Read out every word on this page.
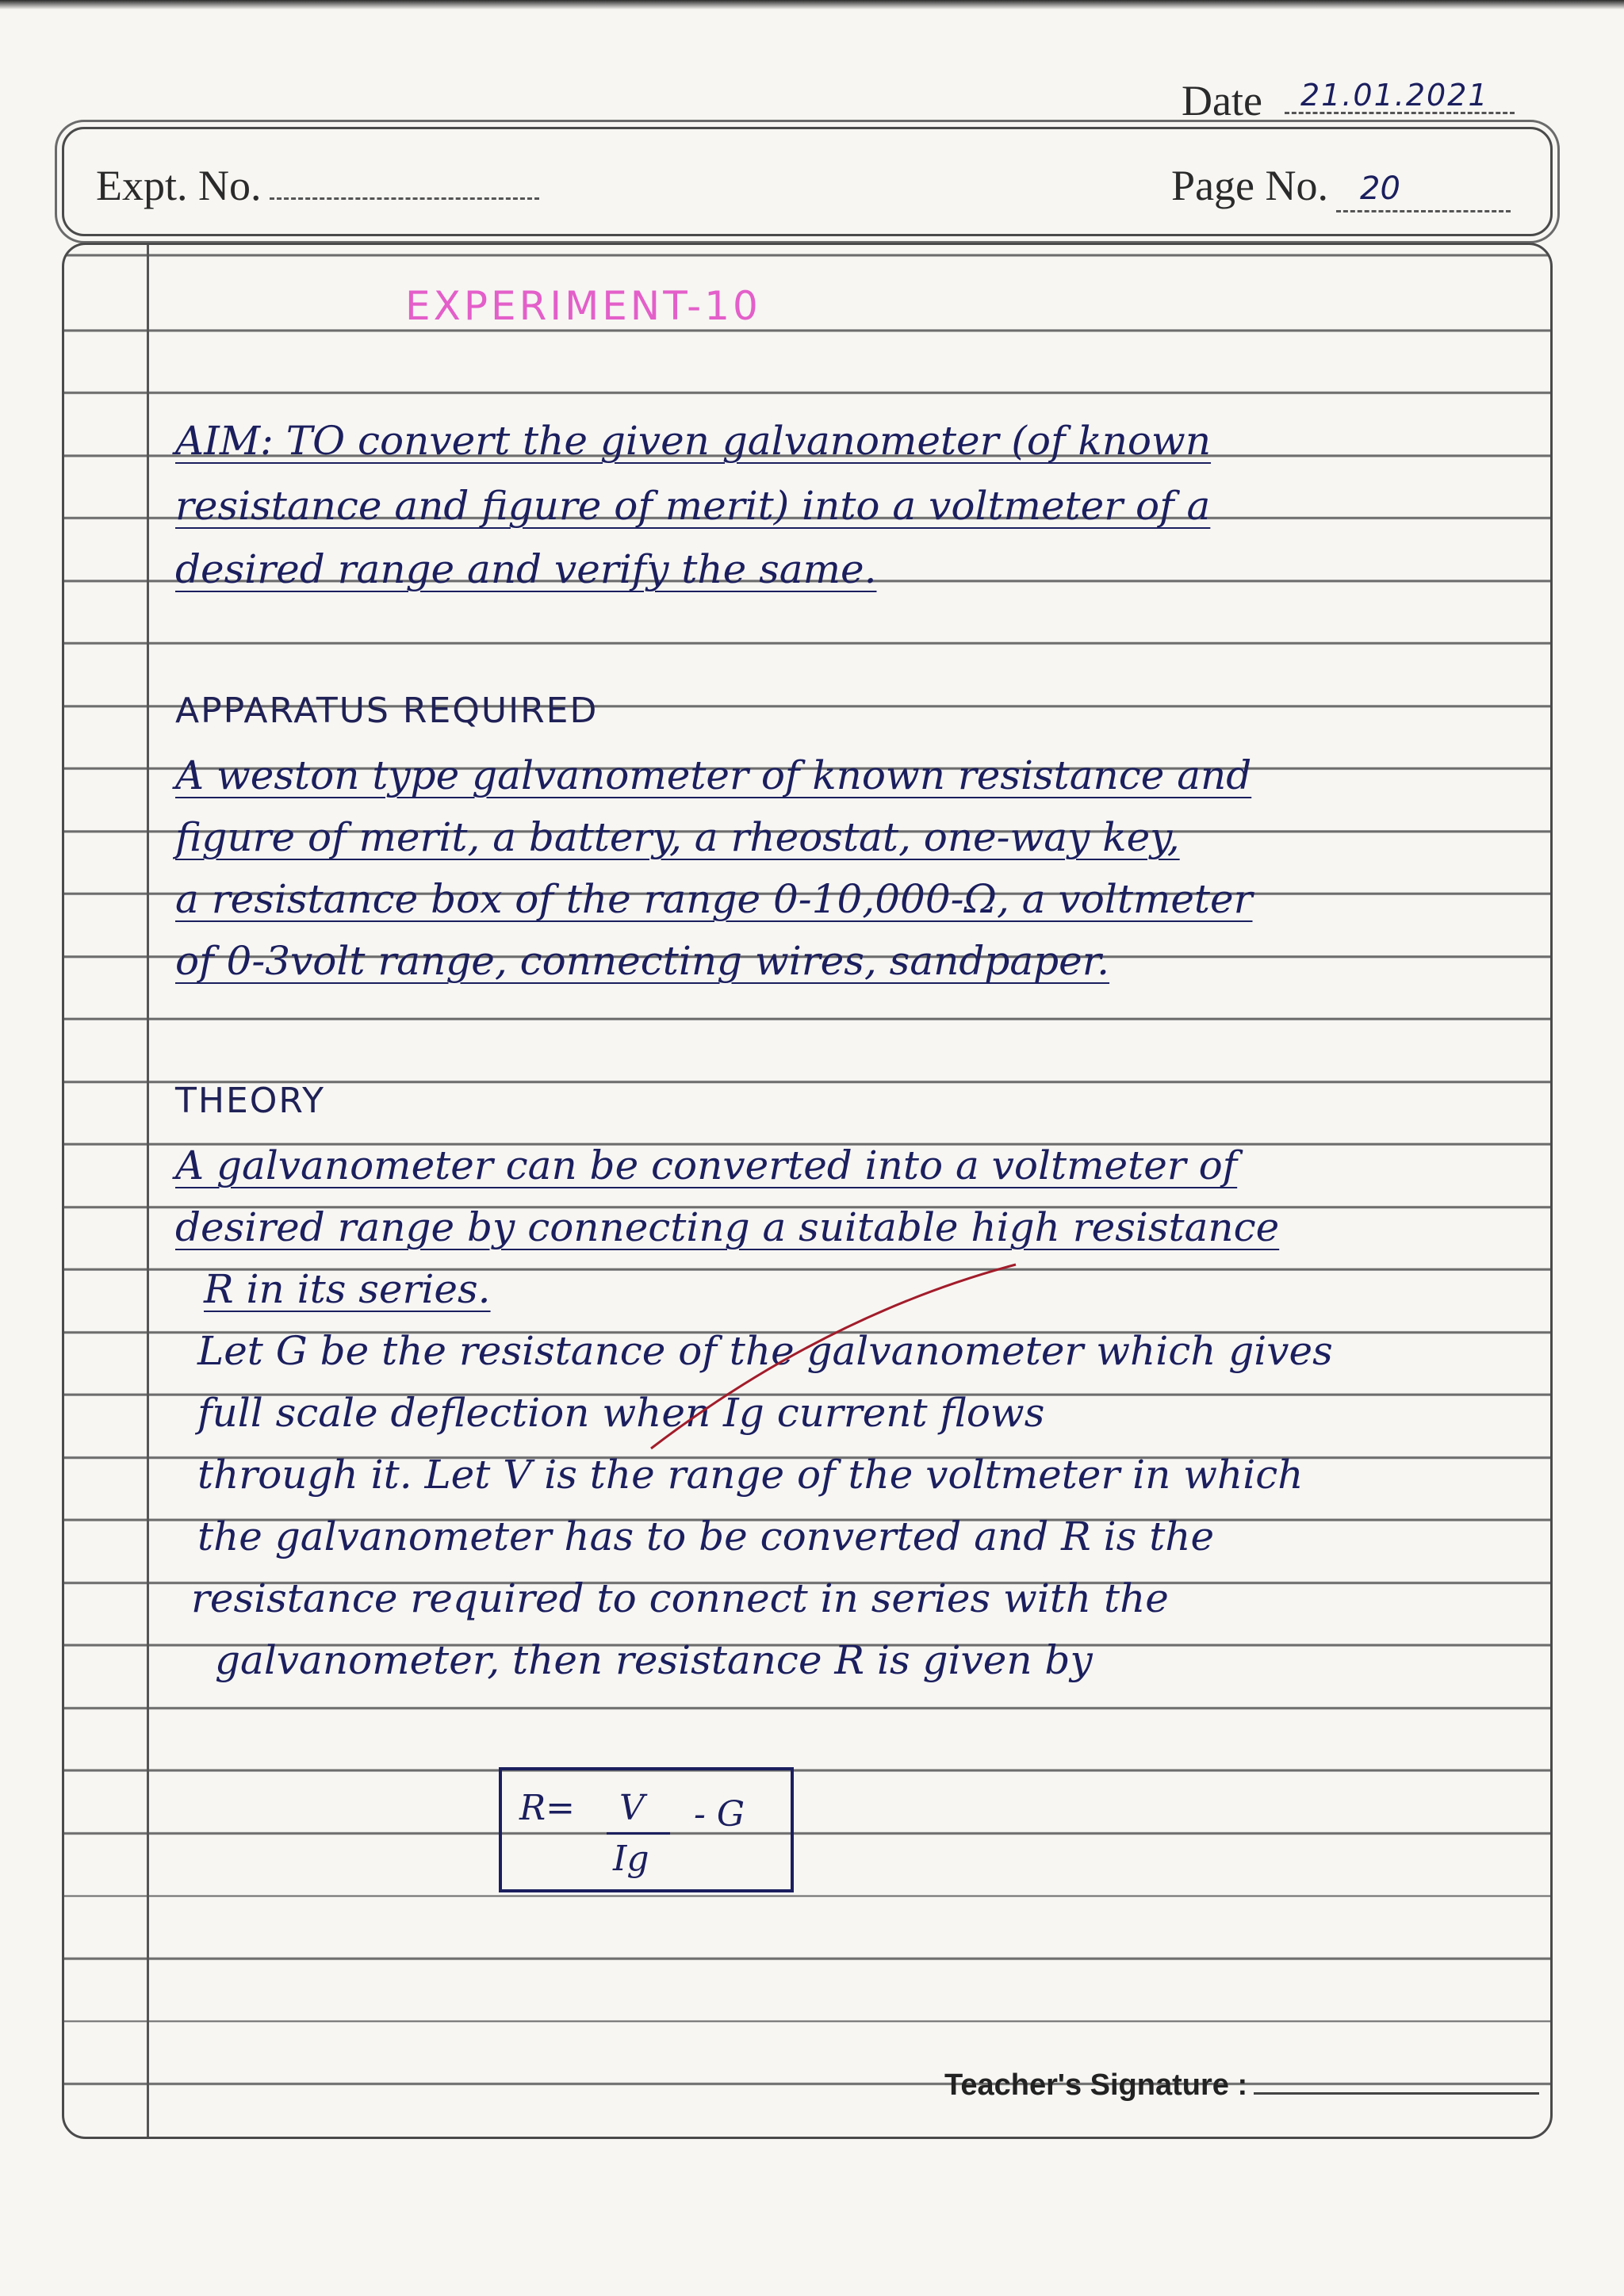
Date 21.01.2021
Expt. No.	Page No. 20

EXPERIMENT-10
AIM: TO convert the given galvanometer (of known
resistance and figure of merit) into a voltmeter of a
desired range and verify the same.
APPARATUS REQUIRED
A weston type galvanometer of known resistance and
figure of merit, a battery, a rheostat, one-way key,
a resistance box of the range 0-10,000-Ω, a voltmeter
of 0-3volt range, connecting wires, sandpaper.
THEORY
A galvanometer can be converted into a voltmeter of
desired range by connecting a suitable high resistance
R in its series.
Let G be the resistance of the galvanometer which gives
full scale deflection when Ig current flows
through it. Let V is the range of the voltmeter in which
the galvanometer has to be converted and R is the
resistance required to connect in series with the
galvanometer, then resistance R is given by
R= V
Ig
- G
Teacher's Signature :
